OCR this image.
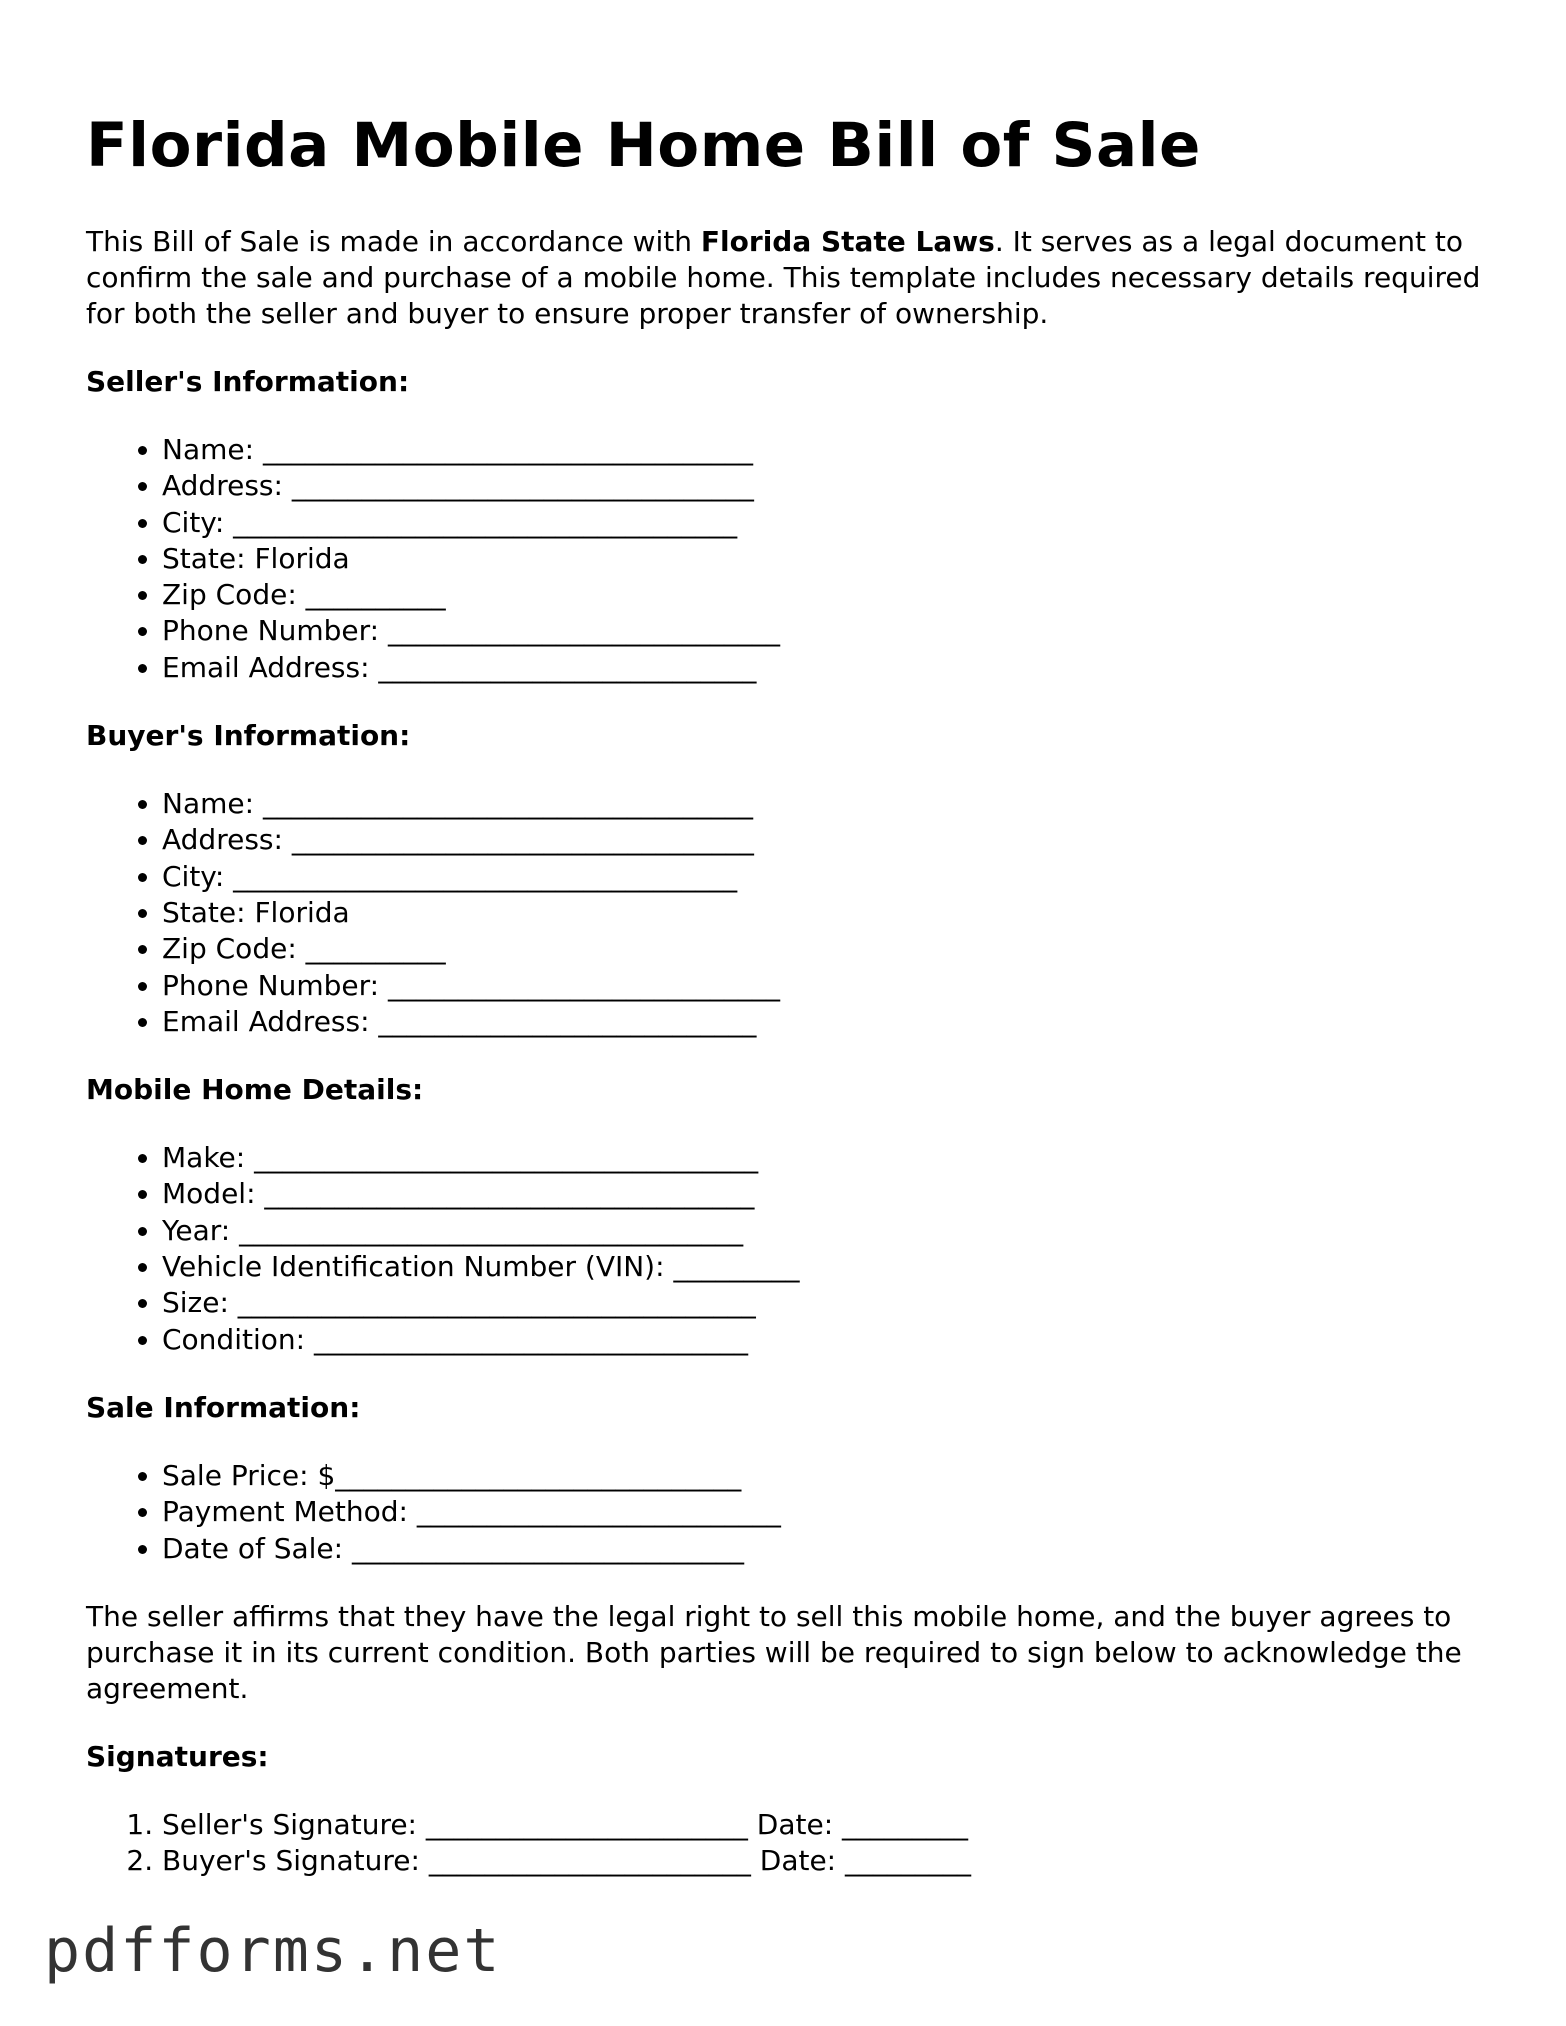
Florida Mobile Home Bill of Sale

This Bill of Sale is made in accordance with Florida State Laws. It serves as a legal document to confirm the sale and purchase of a mobile home. This template includes necessary details required for both the seller and buyer to ensure proper transfer of ownership.

Seller's Information:
• Name: ___________________________________
• Address: _________________________________
• City: ____________________________________
• State: Florida
• Zip Code: __________
• Phone Number: ____________________________
• Email Address: ___________________________
Buyer's Information:
• Name: ___________________________________
• Address: _________________________________
• City: ____________________________________
• State: Florida
• Zip Code: __________
• Phone Number: ____________________________
• Email Address: ___________________________
Mobile Home Details:
• Make: ____________________________________
• Model: ___________________________________
• Year: ____________________________________
• Vehicle Identification Number (VIN): _________
• Size: _____________________________________
• Condition: _______________________________
Sale Information:
• Sale Price: $_____________________________
• Payment Method: __________________________
• Date of Sale: ____________________________

The seller affirms that they have the legal right to sell this mobile home, and the buyer agrees to purchase it in its current condition. Both parties will be required to sign below to acknowledge the agreement.

Signatures:
1. Seller's Signature: _______________________ Date: _________
2. Buyer's Signature: _______________________ Date: _________
pdfforms.net
